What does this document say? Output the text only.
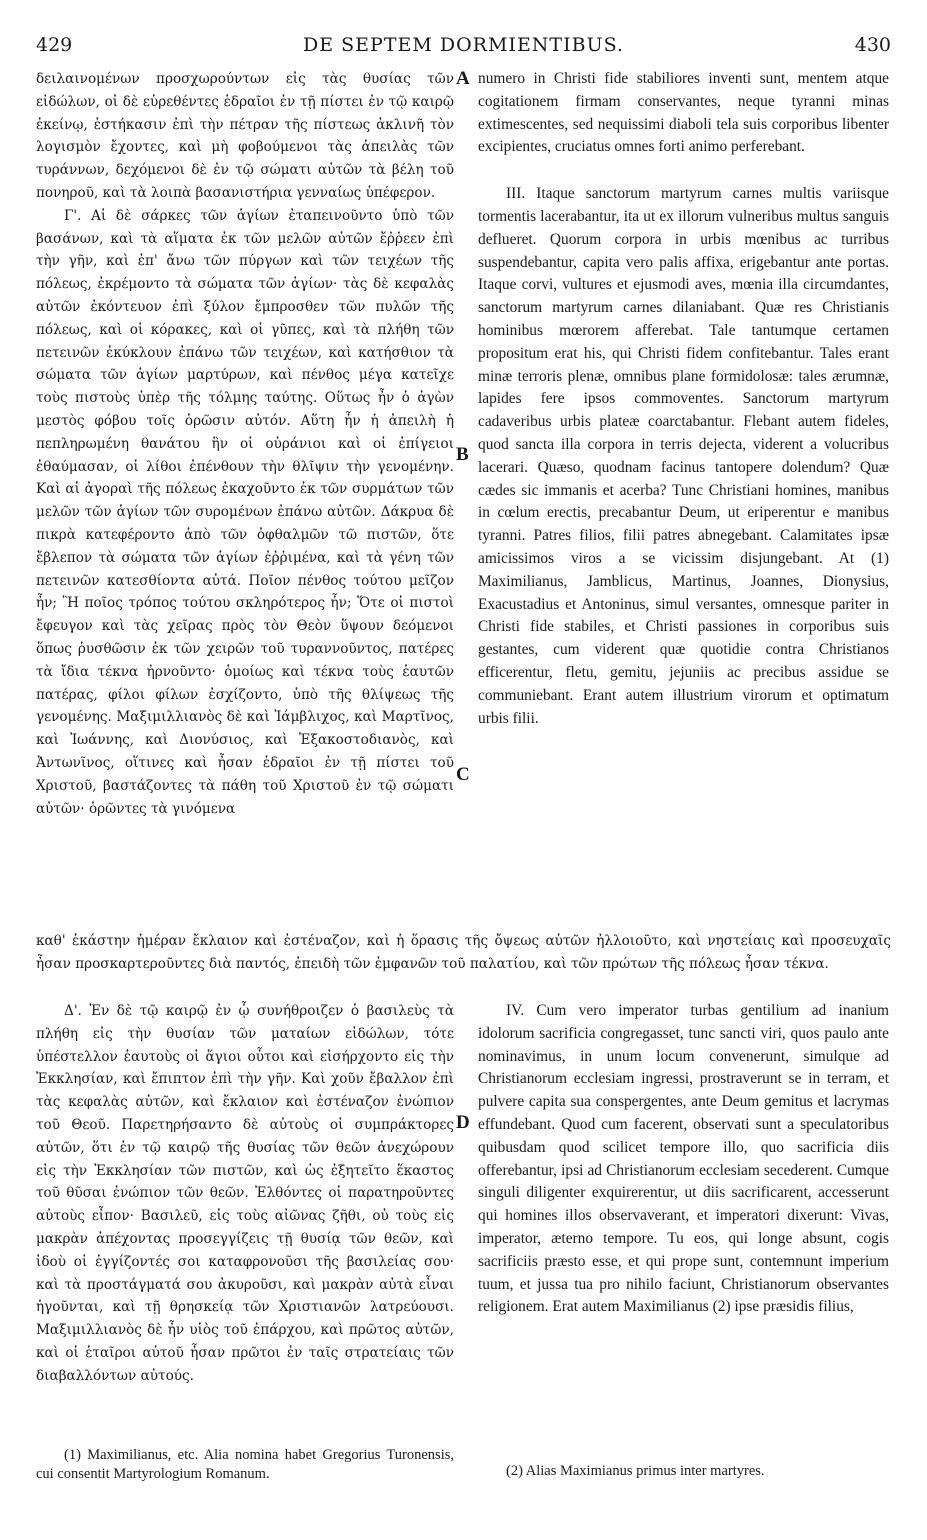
429	DE SEPTEM DORMIENTIBUS.	430
A
B
C
D

δειλαινομένων προσχωρούντων εἰς τὰς θυσίας τῶν εἰδώλων, οἱ δὲ εὑρεθέντες ἑδραῖοι ἐν τῇ πίστει ἐν τῷ καιρῷ ἐκείνῳ, ἑστήκασιν ἐπὶ τὴν πέτραν τῆς πίστεως ἀκλινῆ τὸν λογισμὸν ἔχοντες, καὶ μὴ φοβούμενοι τὰς ἀπειλὰς τῶν τυράννων, δεχόμενοι δὲ ἐν τῷ σώματι αὐτῶν τὰ βέλη τοῦ πονηροῦ, καὶ τὰ λοιπὰ βασανιστήρια γενναίως ὑπέφερον.

Γ'. Αἱ δὲ σάρκες τῶν ἁγίων ἐταπεινοῦντο ὑπὸ τῶν βασάνων, καὶ τὰ αἵματα ἐκ τῶν μελῶν αὐτῶν ἔῤῥεεν ἐπὶ τὴν γῆν, καὶ ἐπ' ἄνω τῶν πύργων καὶ τῶν τειχέων τῆς πόλεως, ἐκρέμοντο τὰ σώματα τῶν ἁγίων· τὰς δὲ κεφαλὰς αὐτῶν ἐκόντευον ἐπὶ ξύλον ἔμπροσθεν τῶν πυλῶν τῆς πόλεως, καὶ οἱ κόρακες, καὶ οἱ γῦπες, καὶ τὰ πλήθη τῶν πετεινῶν ἐκύκλουν ἐπάνω τῶν τειχέων, καὶ κατήσθιον τὰ σώματα τῶν ἁγίων μαρτύρων, καὶ πένθος μέγα κατεῖχε τοὺς πιστοὺς ὑπὲρ τῆς τόλμης ταύτης. Οὕτως ἦν ὁ ἀγὼν μεστὸς φόβου τοῖς ὁρῶσιν αὐτόν. Αὕτη ἦν ἡ ἀπειλὴ ἡ πεπληρωμένη θανάτου ἣν οἱ οὐράνιοι καὶ οἱ ἐπίγειοι ἐθαύμασαν, οἱ λίθοι ἐπένθουν τὴν θλῖψιν τὴν γενομένην. Καὶ αἱ ἀγοραὶ τῆς πόλεως ἐκαχοῦντο ἐκ τῶν συρμάτων τῶν μελῶν τῶν ἁγίων τῶν συρομένων ἐπάνω αὐτῶν. Δάκρυα δὲ πικρὰ κατεφέροντο ἀπὸ τῶν ὀφθαλμῶν τῶ πιστῶν, ὅτε ἔβλεπον τὰ σώματα τῶν ἁγίων ἐῤῥιμένα, καὶ τὰ γένη τῶν πετεινῶν κατεσθίοντα αὐτά. Ποῖον πένθος τούτου μεῖζον ἦν; Ἢ ποῖος τρόπος τούτου σκληρότερος ἦν; Ὅτε οἱ πιστοὶ ἔφευγον καὶ τὰς χεῖρας πρὸς τὸν Θεὸν ὕψουν δεόμενοι ὅπως ῥυσθῶσιν ἐκ τῶν χειρῶν τοῦ τυραννοῦντος, πατέρες τὰ ἴδια τέκνα ἠρνοῦντο· ὁμοίως καὶ τέκνα τοὺς ἑαυτῶν πατέρας, φίλοι φίλων ἐσχίζοντο, ὑπὸ τῆς θλίψεως τῆς γενομένης. Μαξιμιλλιανὸς δὲ καὶ Ἰάμβλιχος, καὶ Μαρτῖνος, καὶ Ἰωάννης, καὶ Διονύσιος, καὶ Ἐξακοστοδιανὸς, καὶ Ἀντωνῖνος, οἵτινες καὶ ἦσαν ἑδραῖοι ἐν τῇ πίστει τοῦ Χριστοῦ, βαστάζοντες τὰ πάθη τοῦ Χριστοῦ ἐν τῷ σώματι αὐτῶν· ὁρῶντες τὰ γινόμενα

numero in Christi fide stabiliores inventi sunt, mentem atque cogitationem firmam conservantes, neque tyranni minas extimescentes, sed nequissimi diaboli tela suis corporibus libenter excipientes, cruciatus omnes forti animo perferebant.

III. Itaque sanctorum martyrum carnes multis variisque tormentis lacerabantur, ita ut ex illorum vulneribus multus sanguis deflueret. Quorum corpora in urbis mœnibus ac turribus suspendebantur, capita vero palis affixa, erigebantur ante portas. Itaque corvi, vultures et ejusmodi aves, mœnia illa circumdantes, sanctorum martyrum carnes dilaniabant. Quæ res Christianis hominibus mœrorem afferebat. Tale tantumque certamen propositum erat his, qui Christi fidem confitebantur. Tales erant minæ terroris plenæ, omnibus plane formidolosæ: tales ærumnæ, lapides fere ipsos commoventes. Sanctorum martyrum cadaveribus urbis plateæ coarctabantur. Flebant autem fideles, quod sancta illa corpora in terris dejecta, viderent a volucribus lacerari. Quæso, quodnam facinus tantopere dolendum? Quæ cædes sic immanis et acerba? Tunc Christiani homines, manibus in cœlum erectis, precabantur Deum, ut eriperentur e manibus tyranni. Patres filios, filii patres abnegebant. Calamitates ipsæ amicissimos viros a se vicissim disjungebant. At (1) Maximilianus, Jamblicus, Martinus, Joannes, Dionysius, Exacustadius et Antoninus, simul versantes, omnesque pariter in Christi fide stabiles, et Christi passiones in corporibus suis gestantes, cum viderent quæ quotidie contra Christianos efficerentur, fletu, gemitu, jejuniis ac precibus assidue se communiebant. Erant autem illustrium virorum et optimatum urbis filii.

καθ' ἑκάστην ἡμέραν ἔκλαιον καὶ ἐστέναζον, καὶ ἡ ὅρασις τῆς ὄψεως αὐτῶν ἠλλοιοῦτο, καὶ νηστείαις καὶ προσευχαῖς ἦσαν προσκαρτεροῦντες διὰ παντός, ἐπειδὴ τῶν ἐμφανῶν τοῦ παλατίου, καὶ τῶν πρώτων τῆς πόλεως ἦσαν τέκνα.

Δ'. Ἐν δὲ τῷ καιρῷ ἐν ᾧ συνήθροιζεν ὁ βασιλεὺς τὰ πλήθη εἰς τὴν θυσίαν τῶν ματαίων εἰδώλων, τότε ὑπέστελλον ἑαυτοὺς οἱ ἅγιοι οὗτοι καὶ εἰσήρχοντο εἰς τὴν Ἐκκλησίαν, καὶ ἔπιπτον ἐπὶ τὴν γῆν. Καὶ χοῦν ἔβαλλον ἐπὶ τὰς κεφαλὰς αὐτῶν, καὶ ἔκλαιον καὶ ἐστέναζον ἐνώπιον τοῦ Θεοῦ. Παρετηρήσαντο δὲ αὐτοὺς οἱ συμπράκτορες αὐτῶν, ὅτι ἐν τῷ καιρῷ τῆς θυσίας τῶν θεῶν ἀνεχώρουν εἰς τὴν Ἐκκλησίαν τῶν πιστῶν, καὶ ὡς ἐξητεῖτο ἕκαστος τοῦ θῦσαι ἐνώπιον τῶν θεῶν. Ἐλθόντες οἱ παρατηροῦντες αὐτοὺς εἶπον· Βασιλεῦ, εἰς τοὺς αἰῶνας ζῆθι, οὐ τοὺς εἰς μακρὰν ἀπέχοντας προσεγγίζεις τῇ θυσίᾳ τῶν θεῶν, καὶ ἰδοὺ οἱ ἐγγίζοντές σοι καταφρονοῦσι τῆς βασιλείας σου· καὶ τὰ προστάγματά σου ἀκυροῦσι, καὶ μακρὰν αὐτὰ εἶναι ἡγοῦνται, καὶ τῇ θρησκείᾳ τῶν Χριστιανῶν λατρεύουσι. Μαξιμιλλιανὸς δὲ ἦν υἱὸς τοῦ ἐπάρχου, καὶ πρῶτος αὐτῶν, καὶ οἱ ἑταῖροι αὐτοῦ ἦσαν πρῶτοι ἐν ταῖς στρατείαις τῶν διαβαλλόντων αὐτούς.

IV. Cum vero imperator turbas gentilium ad inanium idolorum sacrificia congregasset, tunc sancti viri, quos paulo ante nominavimus, in unum locum convenerunt, simulque ad Christianorum ecclesiam ingressi, prostraverunt se in terram, et pulvere capita sua conspergentes, ante Deum gemitus et lacrymas effundebant. Quod cum facerent, observati sunt a speculatoribus quibusdam quod scilicet tempore illo, quo sacrificia diis offerebantur, ipsi ad Christianorum ecclesiam secederent. Cumque singuli diligenter exquirerentur, ut diis sacrificarent, accesserunt qui homines illos observaverant, et imperatori dixerunt: Vivas, imperator, æterno tempore. Tu eos, qui longe absunt, cogis sacrificiis præsto esse, et qui prope sunt, contemnunt imperium tuum, et jussa tua pro nihilo faciunt, Christianorum observantes religionem. Erat autem Maximilianus (2) ipse præsidis filius,

(1) Maximilianus, etc. Alia nomina habet Gregorius Turonensis, cui consentit Martyrologium Romanum.	(2) Alias Maximianus primus inter martyres.
